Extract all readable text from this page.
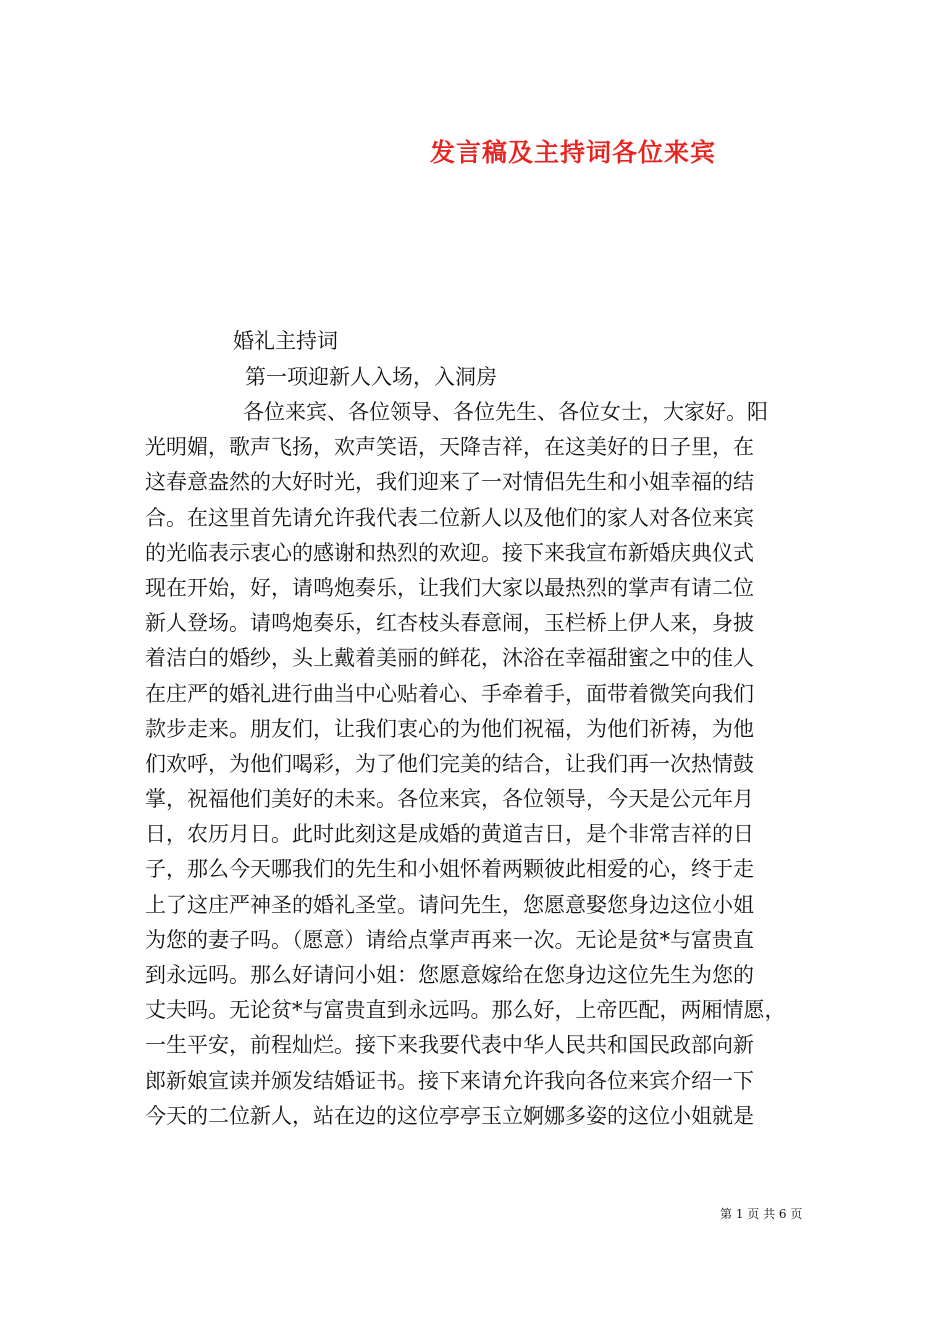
发言稿及主持词各位来宾
婚礼主持词
第一项迎新人入场，入洞房
各位来宾、各位领导、各位先生、各位女士，大家好。阳
光明媚，歌声飞扬，欢声笑语，天降吉祥，在这美好的日子里，在
这春意盎然的大好时光，我们迎来了一对情侣先生和小姐幸福的结
合。在这里首先请允许我代表二位新人以及他们的家人对各位来宾
的光临表示衷心的感谢和热烈的欢迎。接下来我宣布新婚庆典仪式
现在开始，好，请鸣炮奏乐，让我们大家以最热烈的掌声有请二位
新人登场。请鸣炮奏乐，红杏枝头春意闹，玉栏桥上伊人来，身披
着洁白的婚纱，头上戴着美丽的鲜花，沐浴在幸福甜蜜之中的佳人
在庄严的婚礼进行曲当中心贴着心、手牵着手，面带着微笑向我们
款步走来。朋友们，让我们衷心的为他们祝福，为他们祈祷，为他
们欢呼，为他们喝彩，为了他们完美的结合，让我们再一次热情鼓
掌，祝福他们美好的未来。各位来宾，各位领导，今天是公元年月
日，农历月日。此时此刻这是成婚的黄道吉日，是个非常吉祥的日
子，那么今天哪我们的先生和小姐怀着两颗彼此相爱的心，终于走
上了这庄严神圣的婚礼圣堂。请问先生，您愿意娶您身边这位小姐
为您的妻子吗。（愿意）请给点掌声再来一次。无论是贫*与富贵直
到永远吗。那么好请问小姐：您愿意嫁给在您身边这位先生为您的
丈夫吗。无论贫*与富贵直到永远吗。那么好，上帝匹配，两厢情愿，
一生平安，前程灿烂。接下来我要代表中华人民共和国民政部向新
郎新娘宣读并颁发结婚证书。接下来请允许我向各位来宾介绍一下
今天的二位新人，站在边的这位亭亭玉立婀娜多姿的这位小姐就是
第 1 页 共 6 页
